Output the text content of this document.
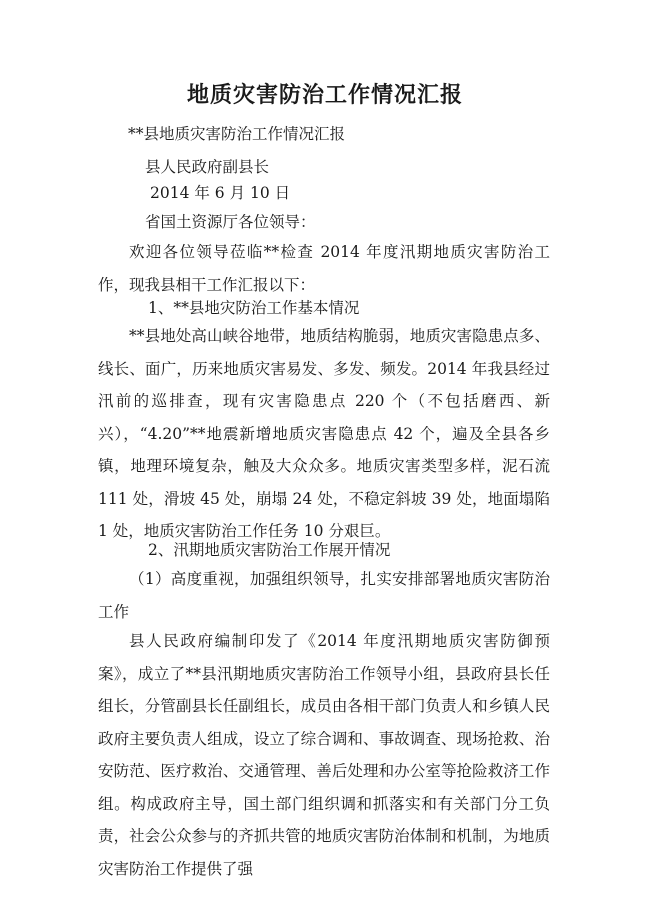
地质灾害防治工作情况汇报
**县地质灾害防治工作情况汇报
县人民政府副县长
2014 年 6 月 10 日
省国土资源厅各位领导：
欢迎各位领导莅临**检查 2014 年度汛期地质灾害防治工作，现我县相干工作汇报以下：
1、**县地灾防治工作基本情况
**县地处高山峡谷地带，地质结构脆弱，地质灾害隐患点多、线长、面广，历来地质灾害易发、多发、频发。2014 年我县经过汛前的巡排查，现有灾害隐患点 220 个（不包括磨西、新兴），“4.20”**地震新增地质灾害隐患点 42 个，遍及全县各乡镇，地理环境复杂，触及大众众多。地质灾害类型多样，泥石流 111 处，滑坡 45 处，崩塌 24 处，不稳定斜坡 39 处，地面塌陷 1 处，地质灾害防治工作任务 10 分艰巨。
2、汛期地质灾害防治工作展开情况
（1）高度重视，加强组织领导，扎实安排部署地质灾害防治工作
县人民政府编制印发了《2014 年度汛期地质灾害防御预案》，成立了**县汛期地质灾害防治工作领导小组，县政府县长任组长，分管副县长任副组长，成员由各相干部门负责人和乡镇人民政府主要负责人组成，设立了综合调和、事故调查、现场抢救、治安防范、医疗救治、交通管理、善后处理和办公室等抢险救济工作组。构成政府主导，国土部门组织调和抓落实和有关部门分工负责，社会公众参与的齐抓共管的地质灾害防治体制和机制，为地质灾害防治工作提供了强
